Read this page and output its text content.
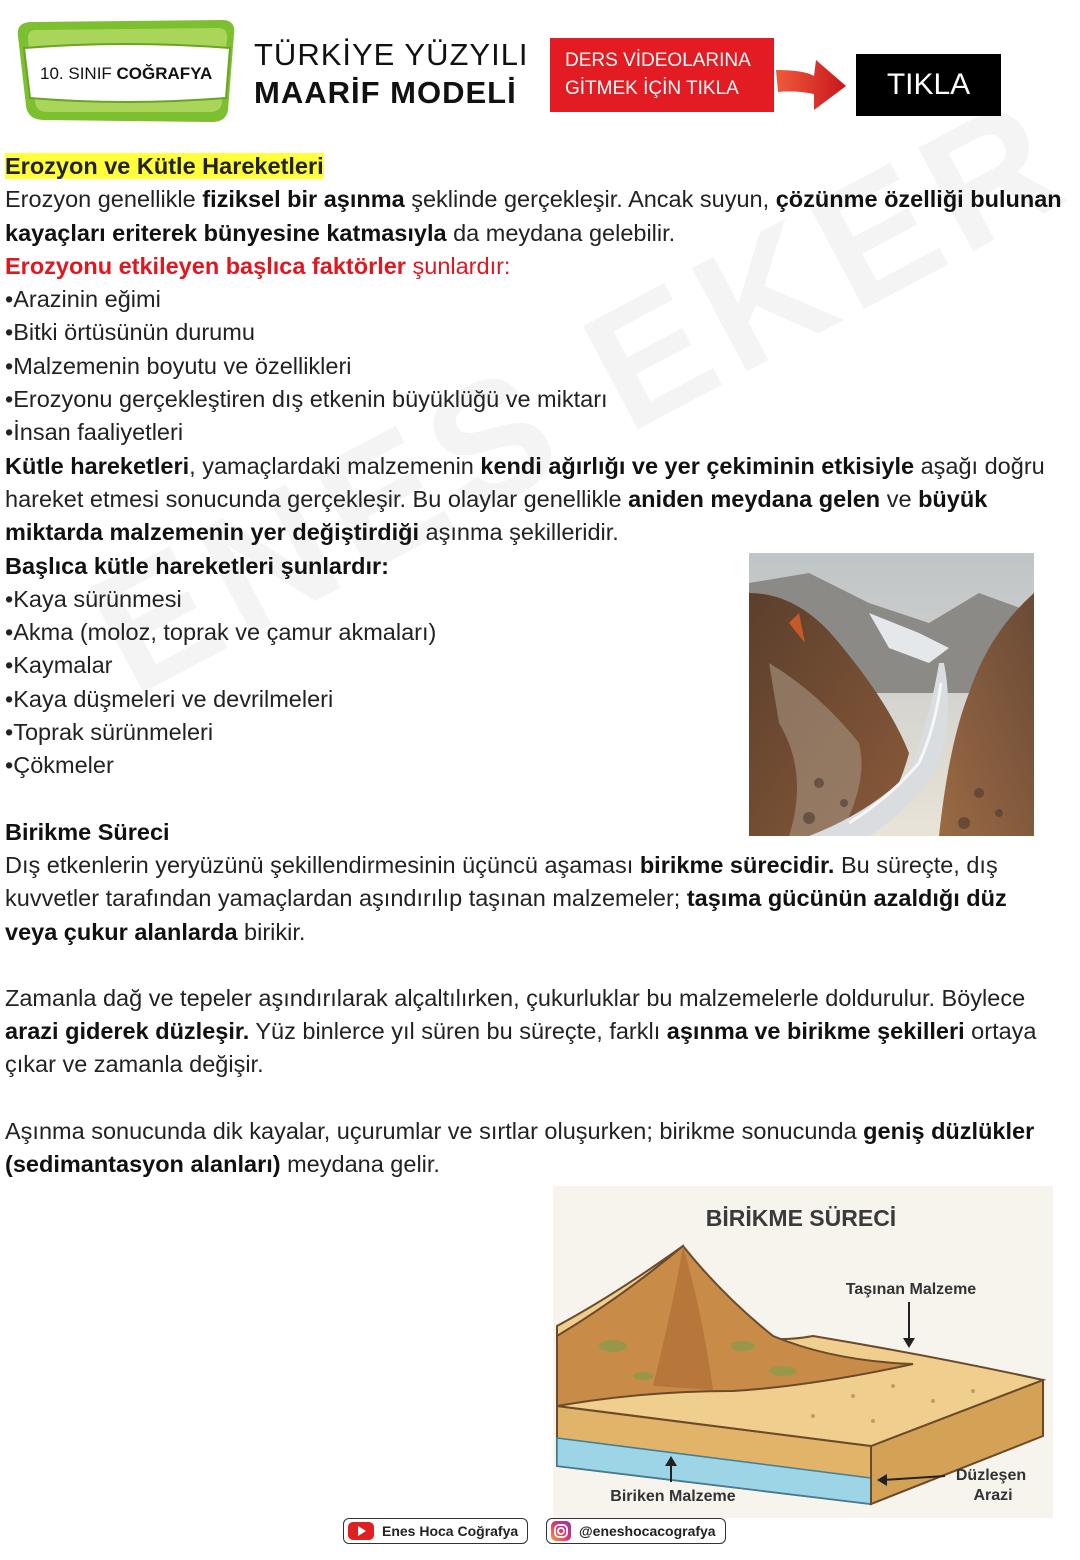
10. SINIF COĞRAFYA
TÜRKİYE YÜZYILI
MAARİF MODELİ
DERS VİDEOLARINA
GİTMEK İÇİN TIKLA	TIKLA

Erozyon ve Kütle Hareketleri

Erozyon genellikle fiziksel bir aşınma şeklinde gerçekleşir. Ancak suyun, çözünme özelliği bulunan kayaçları eriterek bünyesine katmasıyla da meydana gelebilir.

Erozyonu etkileyen başlıca faktörler şunlardır:

•Arazinin eğimi

•Bitki örtüsünün durumu

•Malzemenin boyutu ve özellikleri

•Erozyonu gerçekleştiren dış etkenin büyüklüğü ve miktarı

•İnsan faaliyetleri

Kütle hareketleri, yamaçlardaki malzemenin kendi ağırlığı ve yer çekiminin etkisiyle aşağı doğru hareket etmesi sonucunda gerçekleşir. Bu olaylar genellikle aniden meydana gelen ve büyük miktarda malzemenin yer değiştirdiği aşınma şekilleridir.

Başlıca kütle hareketleri şunlardır:

•Kaya sürünmesi

•Akma (moloz, toprak ve çamur akmaları)

•Kaymalar

•Kaya düşmeleri ve devrilmeleri

•Toprak sürünmeleri

•Çökmeler

Birikme Süreci

Dış etkenlerin yeryüzünü şekillendirmesinin üçüncü aşaması birikme sürecidir. Bu süreçte, dış kuvvetler tarafından yamaçlardan aşındırılıp taşınan malzemeler; taşıma gücünün azaldığı düz veya çukur alanlarda birikir.

Zamanla dağ ve tepeler aşındırılarak alçaltılırken, çukurluklar bu malzemelerle doldurulur. Böylece arazi giderek düzleşir. Yüz binlerce yıl süren bu süreçte, farklı aşınma ve birikme şekilleri ortaya çıkar ve zamanla değişir.

Aşınma sonucunda dik kayalar, uçurumlar ve sırtlar oluşurken; birikme sonucunda geniş düzlükler (sedimantasyon alanları) meydana gelir.

BİRİKME SÜRECİ
Taşınan Malzeme
Biriken Malzeme
Düzleşen
Arazi
Enes Hoca Coğrafya	@eneshocacografya
